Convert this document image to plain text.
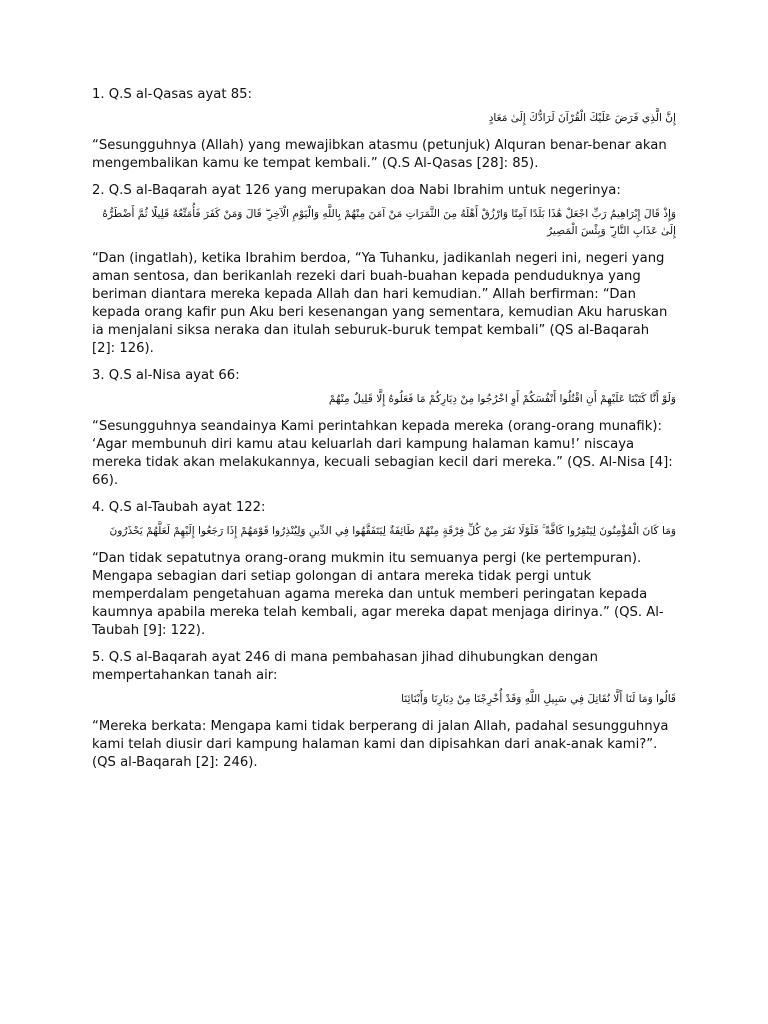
1. Q.S al-Qasas ayat 85:

إِنَّ الَّذِي فَرَضَ عَلَيْكَ الْقُرْآنَ لَرَادُّكَ إِلَىٰ مَعَادٍ

“Sesungguhnya (Allah) yang mewajibkan atasmu (petunjuk) Alquran benar-benar akan mengembalikan kamu ke tempat kembali.” (Q.S Al-Qasas [28]: 85).

2. Q.S al-Baqarah ayat 126 yang merupakan doa Nabi Ibrahim untuk negerinya:

وَإِذْ قَالَ إِبْرَاهِيمُ رَبِّ اجْعَلْ هَٰذَا بَلَدًا آمِنًا وَارْزُقْ أَهْلَهُ مِنَ الثَّمَرَاتِ مَنْ آمَنَ مِنْهُمْ بِاللَّهِ وَالْيَوْمِ الْآخِرِ ۖ قَالَ وَمَنْ كَفَرَ فَأُمَتِّعُهُ قَلِيلًا ثُمَّ أَضْطَرُّهُ إِلَىٰ عَذَابِ النَّارِ ۖ وَبِئْسَ الْمَصِيرُ

“Dan (ingatlah), ketika Ibrahim berdoa, “Ya Tuhanku, jadikanlah negeri ini, negeri yang aman sentosa, dan berikanlah rezeki dari buah-buahan kepada penduduknya yang beriman diantara mereka kepada Allah dan hari kemudian.” Allah berfirman: “Dan kepada orang kafir pun Aku beri kesenangan yang sementara, kemudian Aku haruskan ia menjalani siksa neraka dan itulah seburuk-buruk tempat kembali” (QS al-Baqarah [2]: 126).

3. Q.S al-Nisa ayat 66:

وَلَوْ أَنَّا كَتَبْنَا عَلَيْهِمْ أَنِ اقْتُلُوا أَنْفُسَكُمْ أَوِ اخْرُجُوا مِنْ دِيَارِكُمْ مَا فَعَلُوهُ إِلَّا قَلِيلٌ مِنْهُمْ

“Sesungguhnya seandainya Kami perintahkan kepada mereka (orang-orang munafik): ‘Agar membunuh diri kamu atau keluarlah dari kampung halaman kamu!’ niscaya mereka tidak akan melakukannya, kecuali sebagian kecil dari mereka.” (QS. Al-Nisa [4]: 66).

4. Q.S al-Taubah ayat 122:

وَمَا كَانَ الْمُؤْمِنُونَ لِيَنْفِرُوا كَافَّةً ۚ فَلَوْلَا نَفَرَ مِنْ كُلِّ فِرْقَةٍ مِنْهُمْ طَائِفَةٌ لِيَتَفَقَّهُوا فِي الدِّينِ وَلِيُنْذِرُوا قَوْمَهُمْ إِذَا رَجَعُوا إِلَيْهِمْ لَعَلَّهُمْ يَحْذَرُونَ

“Dan tidak sepatutnya orang-orang mukmin itu semuanya pergi (ke pertempuran). Mengapa sebagian dari setiap golongan di antara mereka tidak pergi untuk memperdalam pengetahuan agama mereka dan untuk memberi peringatan kepada kaumnya apabila mereka telah kembali, agar mereka dapat menjaga dirinya.” (QS. Al-Taubah [9]: 122).

5. Q.S al-Baqarah ayat 246 di mana pembahasan jihad dihubungkan dengan mempertahankan tanah air:

قَالُوا وَمَا لَنَا أَلَّا نُقَاتِلَ فِي سَبِيلِ اللَّهِ وَقَدْ أُخْرِجْنَا مِنْ دِيَارِنَا وَأَبْنَائِنَا

“Mereka berkata: Mengapa kami tidak berperang di jalan Allah, padahal sesungguhnya kami telah diusir dari kampung halaman kami dan dipisahkan dari anak-anak kami?”. (QS al-Baqarah [2]: 246).
